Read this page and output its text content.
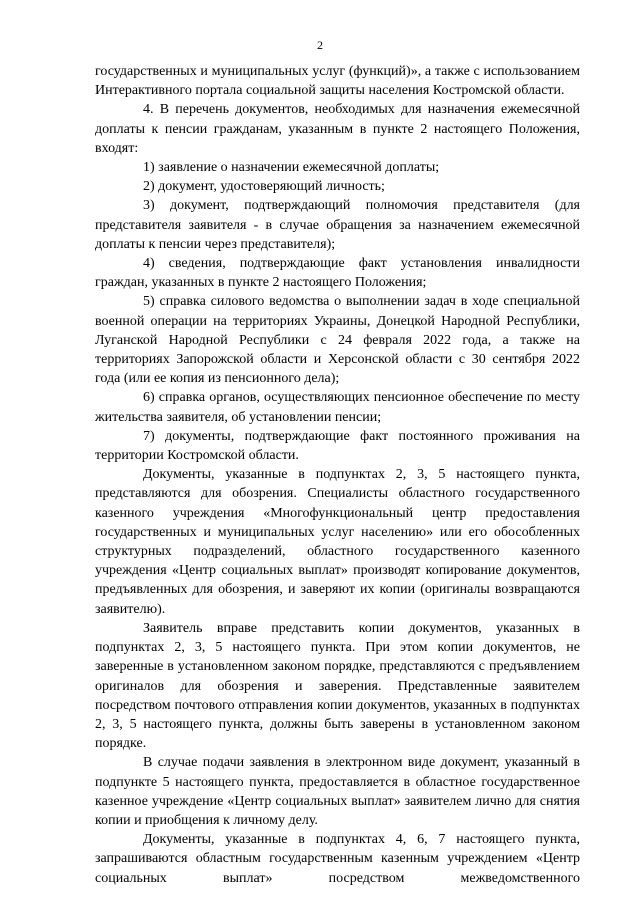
2

государственных и муниципальных услуг (функций)», а также с использованием Интерактивного портала социальной защиты населения Костромской области.

4. В перечень документов, необходимых для назначения ежемесячной доплаты к пенсии гражданам, указанным в пункте 2 настоящего Положения, входят:

1) заявление о назначении ежемесячной доплаты;

2) документ, удостоверяющий личность;

3) документ, подтверждающий полномочия представителя (для представителя заявителя - в случае обращения за назначением ежемесячной доплаты к пенсии через представителя);

4) сведения, подтверждающие факт установления инвалидности граждан, указанных в пункте 2 настоящего Положения;

5) справка силового ведомства о выполнении задач в ходе специальной военной операции на территориях Украины, Донецкой Народной Республики, Луганской Народной Республики с 24 февраля 2022 года, а также на территориях Запорожской области и Херсонской области с 30 сентября 2022 года (или ее копия из пенсионного дела);

6) справка органов, осуществляющих пенсионное обеспечение по месту жительства заявителя, об установлении пенсии;

7) документы, подтверждающие факт постоянного проживания на территории Костромской области.

Документы, указанные в подпунктах 2, 3, 5 настоящего пункта, представляются для обозрения. Специалисты областного государственного казенного учреждения «Многофункциональный центр предоставления государственных и муниципальных услуг населению» или его обособленных структурных подразделений, областного государственного казенного учреждения «Центр социальных выплат» производят копирование документов, предъявленных для обозрения, и заверяют их копии (оригиналы возвращаются заявителю).

Заявитель вправе представить копии документов, указанных в подпунктах 2, 3, 5 настоящего пункта. При этом копии документов, не заверенные в установленном законом порядке, представляются с предъявлением оригиналов для обозрения и заверения. Представленные заявителем посредством почтового отправления копии документов, указанных в подпунктах 2, 3, 5 настоящего пункта, должны быть заверены в установленном законом порядке.

В случае подачи заявления в электронном виде документ, указанный в подпункте 5 настоящего пункта, предоставляется в областное государственное казенное учреждение «Центр социальных выплат» заявителем лично для снятия копии и приобщения к личному делу.

Документы, указанные в подпунктах 4, 6, 7 настоящего пункта, запрашиваются областным государственным казенным учреждением «Центр социальных выплат» посредством межведомственного
